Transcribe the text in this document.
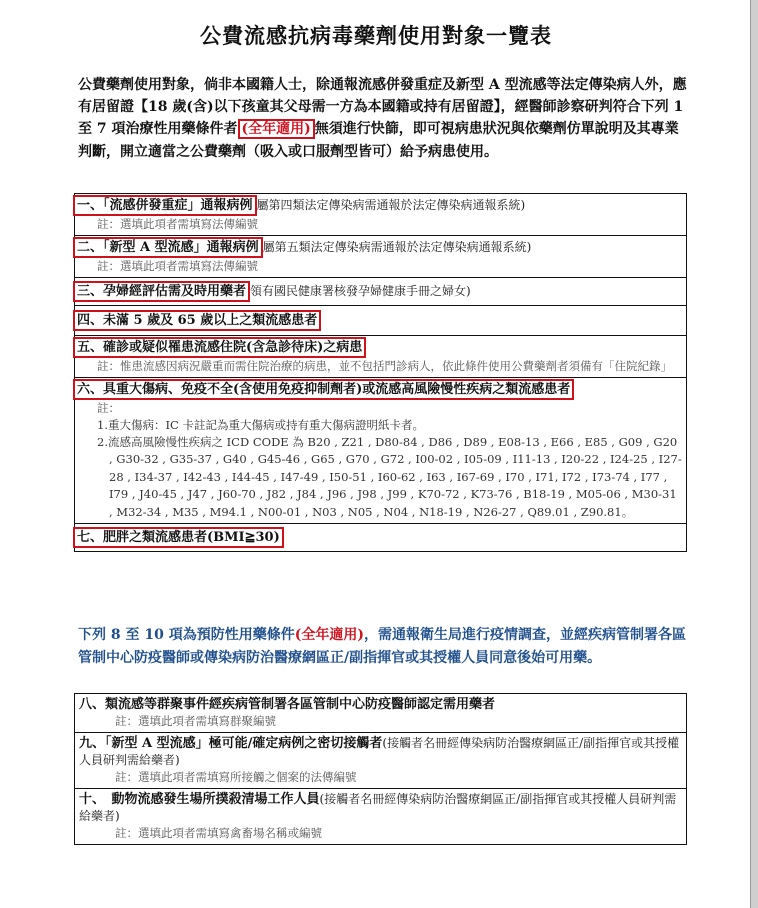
公費流感抗病毒藥劑使用對象一覽表
公費藥劑使用對象，倘非本國籍人士，除通報流感併發重症及新型 A 型流感等法定傳染病人外，應有居留證【18 歲(含)以下孩童其父母需一方為本國籍或持有居留證】，經醫師診察研判符合下列 1 至 7 項治療性用藥條件者 (全年適用) 無須進行快篩，即可視病患狀況與依藥劑仿單說明及其專業判斷，開立適當之公費藥劑（吸入或口服劑型皆可）給予病患使用。
一、「流感併發重症」通報病例 屬第四類法定傳染病需通報於法定傳染病通報系統)
註：選填此項者需填寫法傳編號
二、「新型 A 型流感」通報病例 屬第五類法定傳染病需通報於法定傳染病通報系統)
註：選填此項者需填寫法傳編號
三、孕婦經評估需及時用藥者 領有國民健康署核發孕婦健康手冊之婦女)
四、未滿 5 歲及 65 歲以上之類流感患者
五、確診或疑似罹患流感住院(含急診待床)之病患
註：惟患流感因病況嚴重而需住院治療的病患，並不包括門診病人，依此條件使用公費藥劑者須備有「住院紀錄」
六、具重大傷病、免疫不全(含使用免疫抑制劑者)或流感高風險慢性疾病之類流感患者
註：
1.重大傷病：IC 卡註記為重大傷病或持有重大傷病證明紙卡者。
2.流感高風險慢性疾病之 ICD CODE 為 B20 , Z21 , D80-84 , D86 , D89 , E08-13 , E66 , E85 , G09 , G20 , G30-32 , G35-37 , G40 , G45-46 , G65 , G70 , G72 , I00-02 , I05-09 , I11-13 , I20-22 , I24-25 , I27-28 , I34-37 , I42-43 , I44-45 , I47-49 , I50-51 , I60-62 , I63 , I67-69 , I70 , I71, I72 , I73-74 , I77 , I79 , J40-45 , J47 , J60-70 , J82 , J84 , J96 , J98 , J99 , K70-72 , K73-76 , B18-19 , M05-06 , M30-31 , M32-34 , M35 , M94.1 , N00-01 , N03 , N05 , N04 , N18-19 , N26-27 , Q89.01 , Z90.81。
七、肥胖之類流感患者(BMI≧30)
下列 8 至 10 項為預防性用藥條件(全年適用)，需通報衛生局進行疫情調查，並經疾病管制署各區管制中心防疫醫師或傳染病防治醫療網區正/副指揮官或其授權人員同意後始可用藥。
八、類流感等群聚事件經疾病管制署各區管制中心防疫醫師認定需用藥者
註：選填此項者需填寫群聚編號
九、「新型 A 型流感」極可能/確定病例之密切接觸者(接觸者名冊經傳染病防治醫療網區正/副指揮官或其授權人員研判需給藥者)
註：選填此項者需填寫所接觸之個案的法傳編號
十、　動物流感發生場所撲殺清場工作人員(接觸者名冊經傳染病防治醫療網區正/副指揮官或其授權人員研判需給藥者)
註：選填此項者需填寫禽畜場名稱或編號
